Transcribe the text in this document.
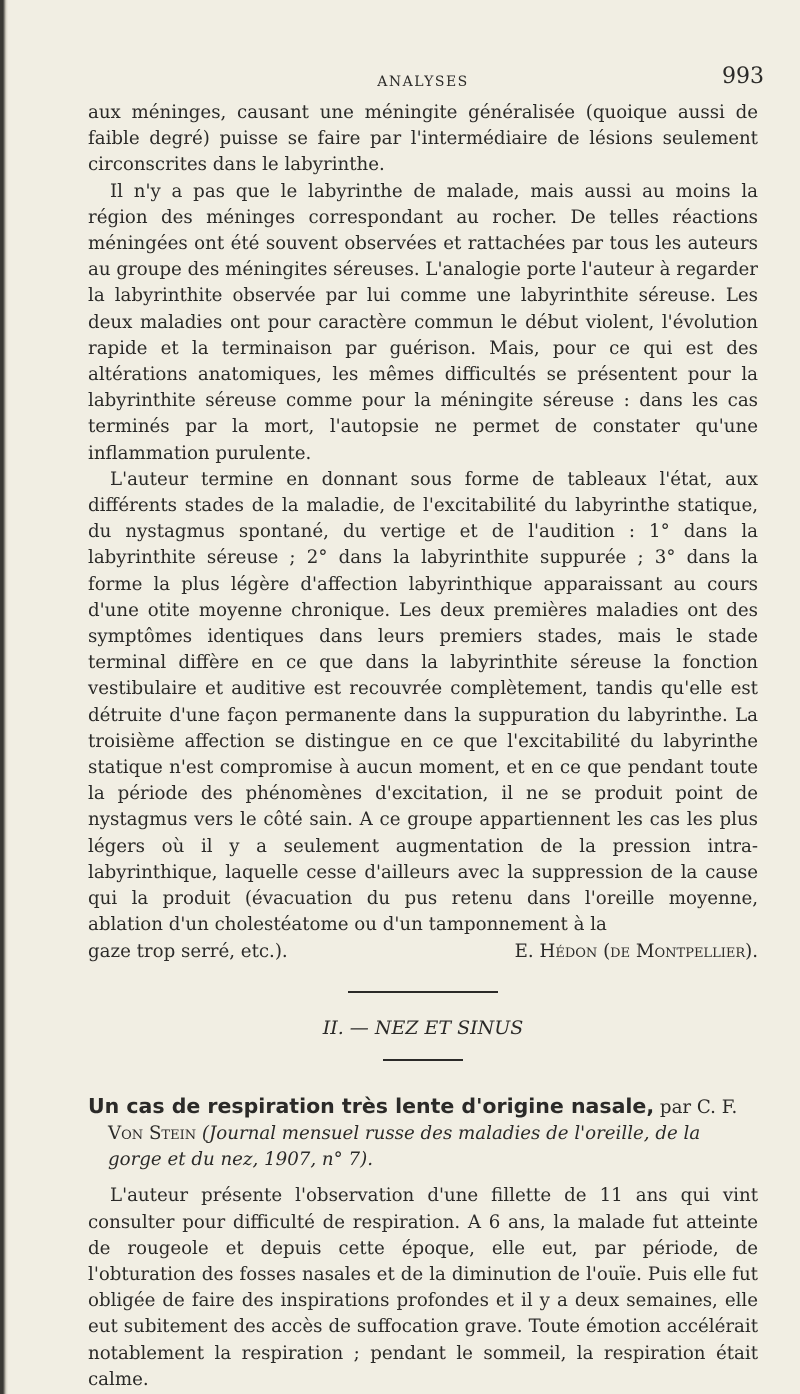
ANALYSES	993

aux méninges, causant une méningite généralisée (quoique aussi de faible degré) puisse se faire par l'intermédiaire de lésions seulement circonscrites dans le labyrinthe.

Il n'y a pas que le labyrinthe de malade, mais aussi au moins la région des méninges correspondant au rocher. De telles réactions méningées ont été souvent observées et rattachées par tous les auteurs au groupe des méningites séreuses. L'analogie porte l'auteur à regarder la labyrinthite observée par lui comme une labyrinthite séreuse. Les deux maladies ont pour caractère commun le début violent, l'évolution rapide et la terminaison par guérison. Mais, pour ce qui est des altérations anatomiques, les mêmes difficultés se présentent pour la labyrinthite séreuse comme pour la méningite séreuse : dans les cas terminés par la mort, l'autopsie ne permet de constater qu'une inflammation purulente.

L'auteur termine en donnant sous forme de tableaux l'état, aux différents stades de la maladie, de l'excitabilité du labyrinthe statique, du nystagmus spontané, du vertige et de l'audition : 1° dans la labyrinthite séreuse ; 2° dans la labyrinthite suppurée ; 3° dans la forme la plus légère d'affection labyrinthique apparaissant au cours d'une otite moyenne chronique. Les deux premières maladies ont des symptômes identiques dans leurs premiers stades, mais le stade terminal diffère en ce que dans la labyrinthite séreuse la fonction vestibulaire et auditive est recouvrée complètement, tandis qu'elle est détruite d'une façon permanente dans la suppuration du labyrinthe. La troisième affection se distingue en ce que l'excitabilité du labyrinthe statique n'est compromise à aucun moment, et en ce que pendant toute la période des phénomènes d'excitation, il ne se produit point de nystagmus vers le côté sain. A ce groupe appartiennent les cas les plus légers où il y a seulement augmentation de la pression intra-labyrinthique, laquelle cesse d'ailleurs avec la suppression de la cause qui la produit (évacuation du pus retenu dans l'oreille moyenne, ablation d'un cholestéatome ou d'un tamponnement à la

gaze trop serré, etc.).	E. Hédon (de Montpellier).
II. — NEZ ET SINUS

Un cas de respiration très lente d'origine nasale, par C. F. Von Stein (Journal mensuel russe des maladies de l'oreille, de la gorge et du nez, 1907, n° 7).

L'auteur présente l'observation d'une fillette de 11 ans qui vint consulter pour difficulté de respiration. A 6 ans, la malade fut atteinte de rougeole et depuis cette époque, elle eut, par période, de l'obturation des fosses nasales et de la diminution de l'ouïe. Puis elle fut obligée de faire des inspirations profondes et il y a deux semaines, elle eut subitement des accès de suffocation grave. Toute émotion accélérait notablement la respiration ; pendant le sommeil, la respiration était calme.
